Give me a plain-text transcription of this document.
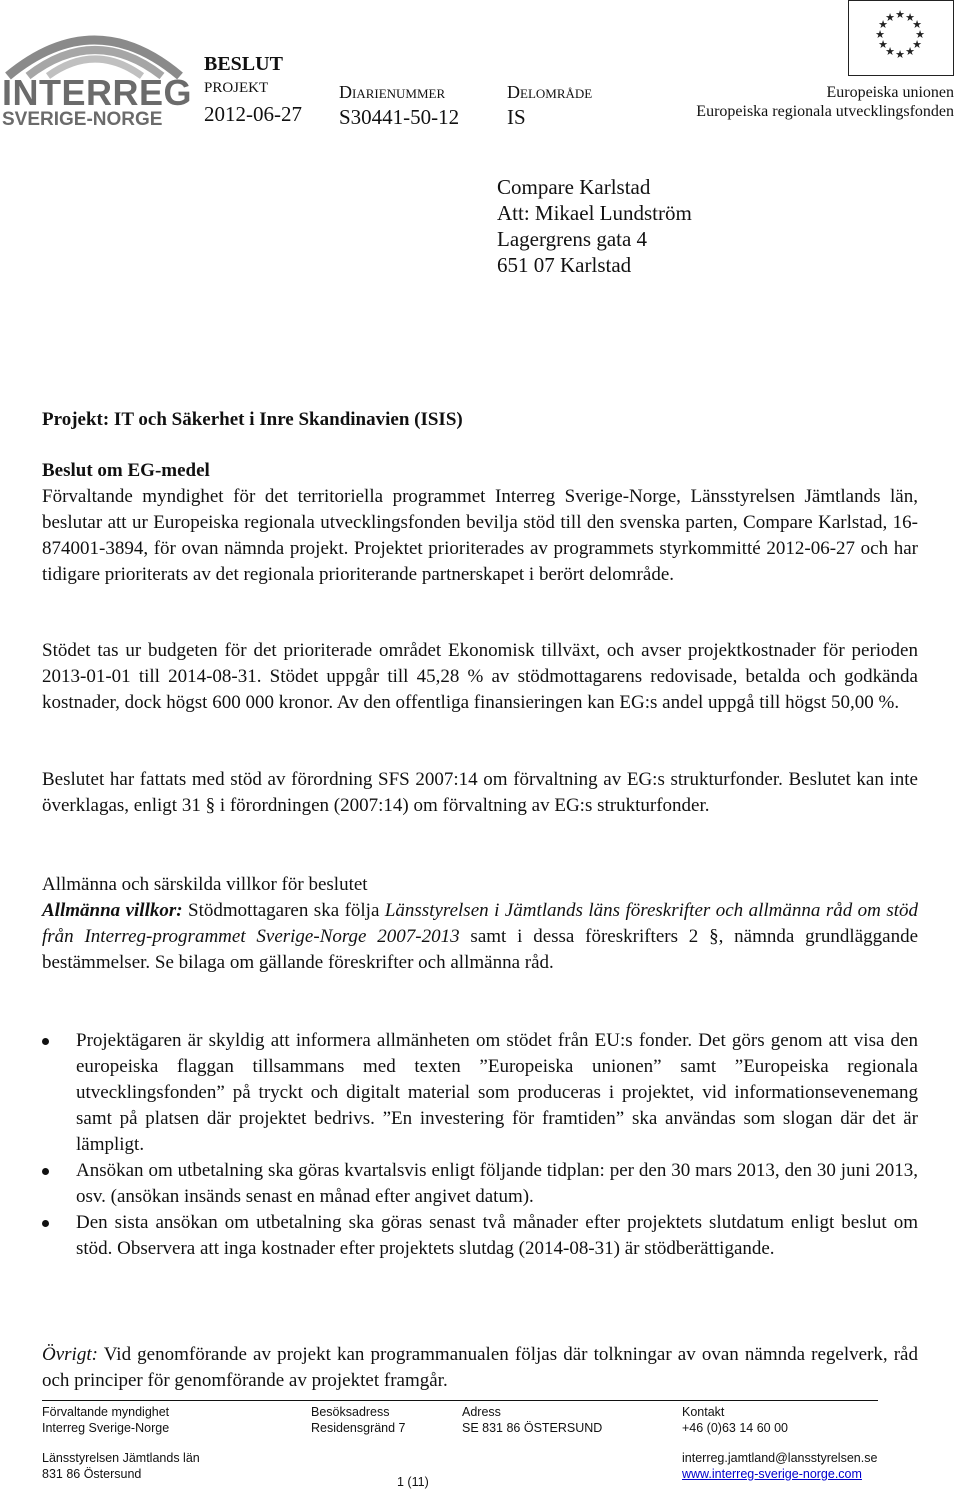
INTERREG
SVERIGE-NORGE
BESLUT
PROJEKT
2012-06-27
Diarienummer
S30441-50-12
Delområde
IS
★ ★
★
★
★
★
★
★
★
★
★
★
Europeiska unionen
Europeiska regionala utvecklingsfonden
Compare Karlstad
Att: Mikael Lundström
Lagergrens gata 4
651 07 Karlstad

Projekt: IT och Säkerhet i Inre Skandinavien (ISIS)

Beslut om EG-medel

Förvaltande myndighet för det territoriella programmet Interreg Sverige-Norge, Länsstyrelsen Jämtlands län, beslutar att ur Europeiska regionala utvecklingsfonden bevilja stöd till den svenska parten, Compare Karlstad, 16-874001-3894, för ovan nämnda projekt. Projektet prioriterades av programmets styrkommitté 2012-06-27 och har tidigare prioriterats av det regionala prioriterande partnerskapet i berört delområde.

Stödet tas ur budgeten för det prioriterade området Ekonomisk tillväxt, och avser projektkostnader för perioden 2013-01-01 till 2014-08-31. Stödet uppgår till 45,28 % av stödmottagarens redovisade, betalda och godkända kostnader, dock högst 600 000 kronor. Av den offentliga finansieringen kan EG:s andel uppgå till högst 50,00 %.

Beslutet har fattats med stöd av förordning SFS 2007:14 om förvaltning av EG:s strukturfonder. Beslutet kan inte överklagas, enligt 31 § i förordningen (2007:14) om förvaltning av EG:s strukturfonder.

Allmänna och särskilda villkor för beslutet

Allmänna villkor: Stödmottagaren ska följa Länsstyrelsen i Jämtlands läns föreskrifter och allmänna råd om stöd från Interreg-programmet Sverige-Norge 2007-2013 samt i dessa föreskrifters 2 §, nämnda grundläggande bestämmelser. Se bilaga om gällande föreskrifter och allmänna råd.

Projektägaren är skyldig att informera allmänheten om stödet från EU:s fonder. Det görs genom att visa den europeiska flaggan tillsammans med texten ”Europeiska unionen” samt ”Europeiska regionala utvecklingsfonden” på tryckt och digitalt material som produceras i projektet, vid informationsevenemang samt på platsen där projektet bedrivs. ”En investering för framtiden” ska användas som slogan där det är lämpligt.
Ansökan om utbetalning ska göras kvartalsvis enligt följande tidplan: per den 30 mars 2013, den 30 juni 2013, osv. (ansökan insänds senast en månad efter angivet datum).
Den sista ansökan om utbetalning ska göras senast två månader efter projektets slutdatum enligt beslut om stöd. Observera att inga kostnader efter projektets slutdag (2014-08-31) är stödberättigande.

Övrigt: Vid genomförande av projekt kan programmanualen följas där tolkningar av ovan nämnda regelverk, råd och principer för genomförande av projektet framgår.

Förvaltande myndighet
Interreg Sverige-Norge
Länsstyrelsen Jämtlands län
831 86 Östersund
Besöksadress
Residensgränd 7
Adress
SE 831 86 ÖSTERSUND
Kontakt
+46 (0)63 14 60 00
interreg.jamtland@lansstyrelsen.se
www.interreg-sverige-norge.com
1 (11)
